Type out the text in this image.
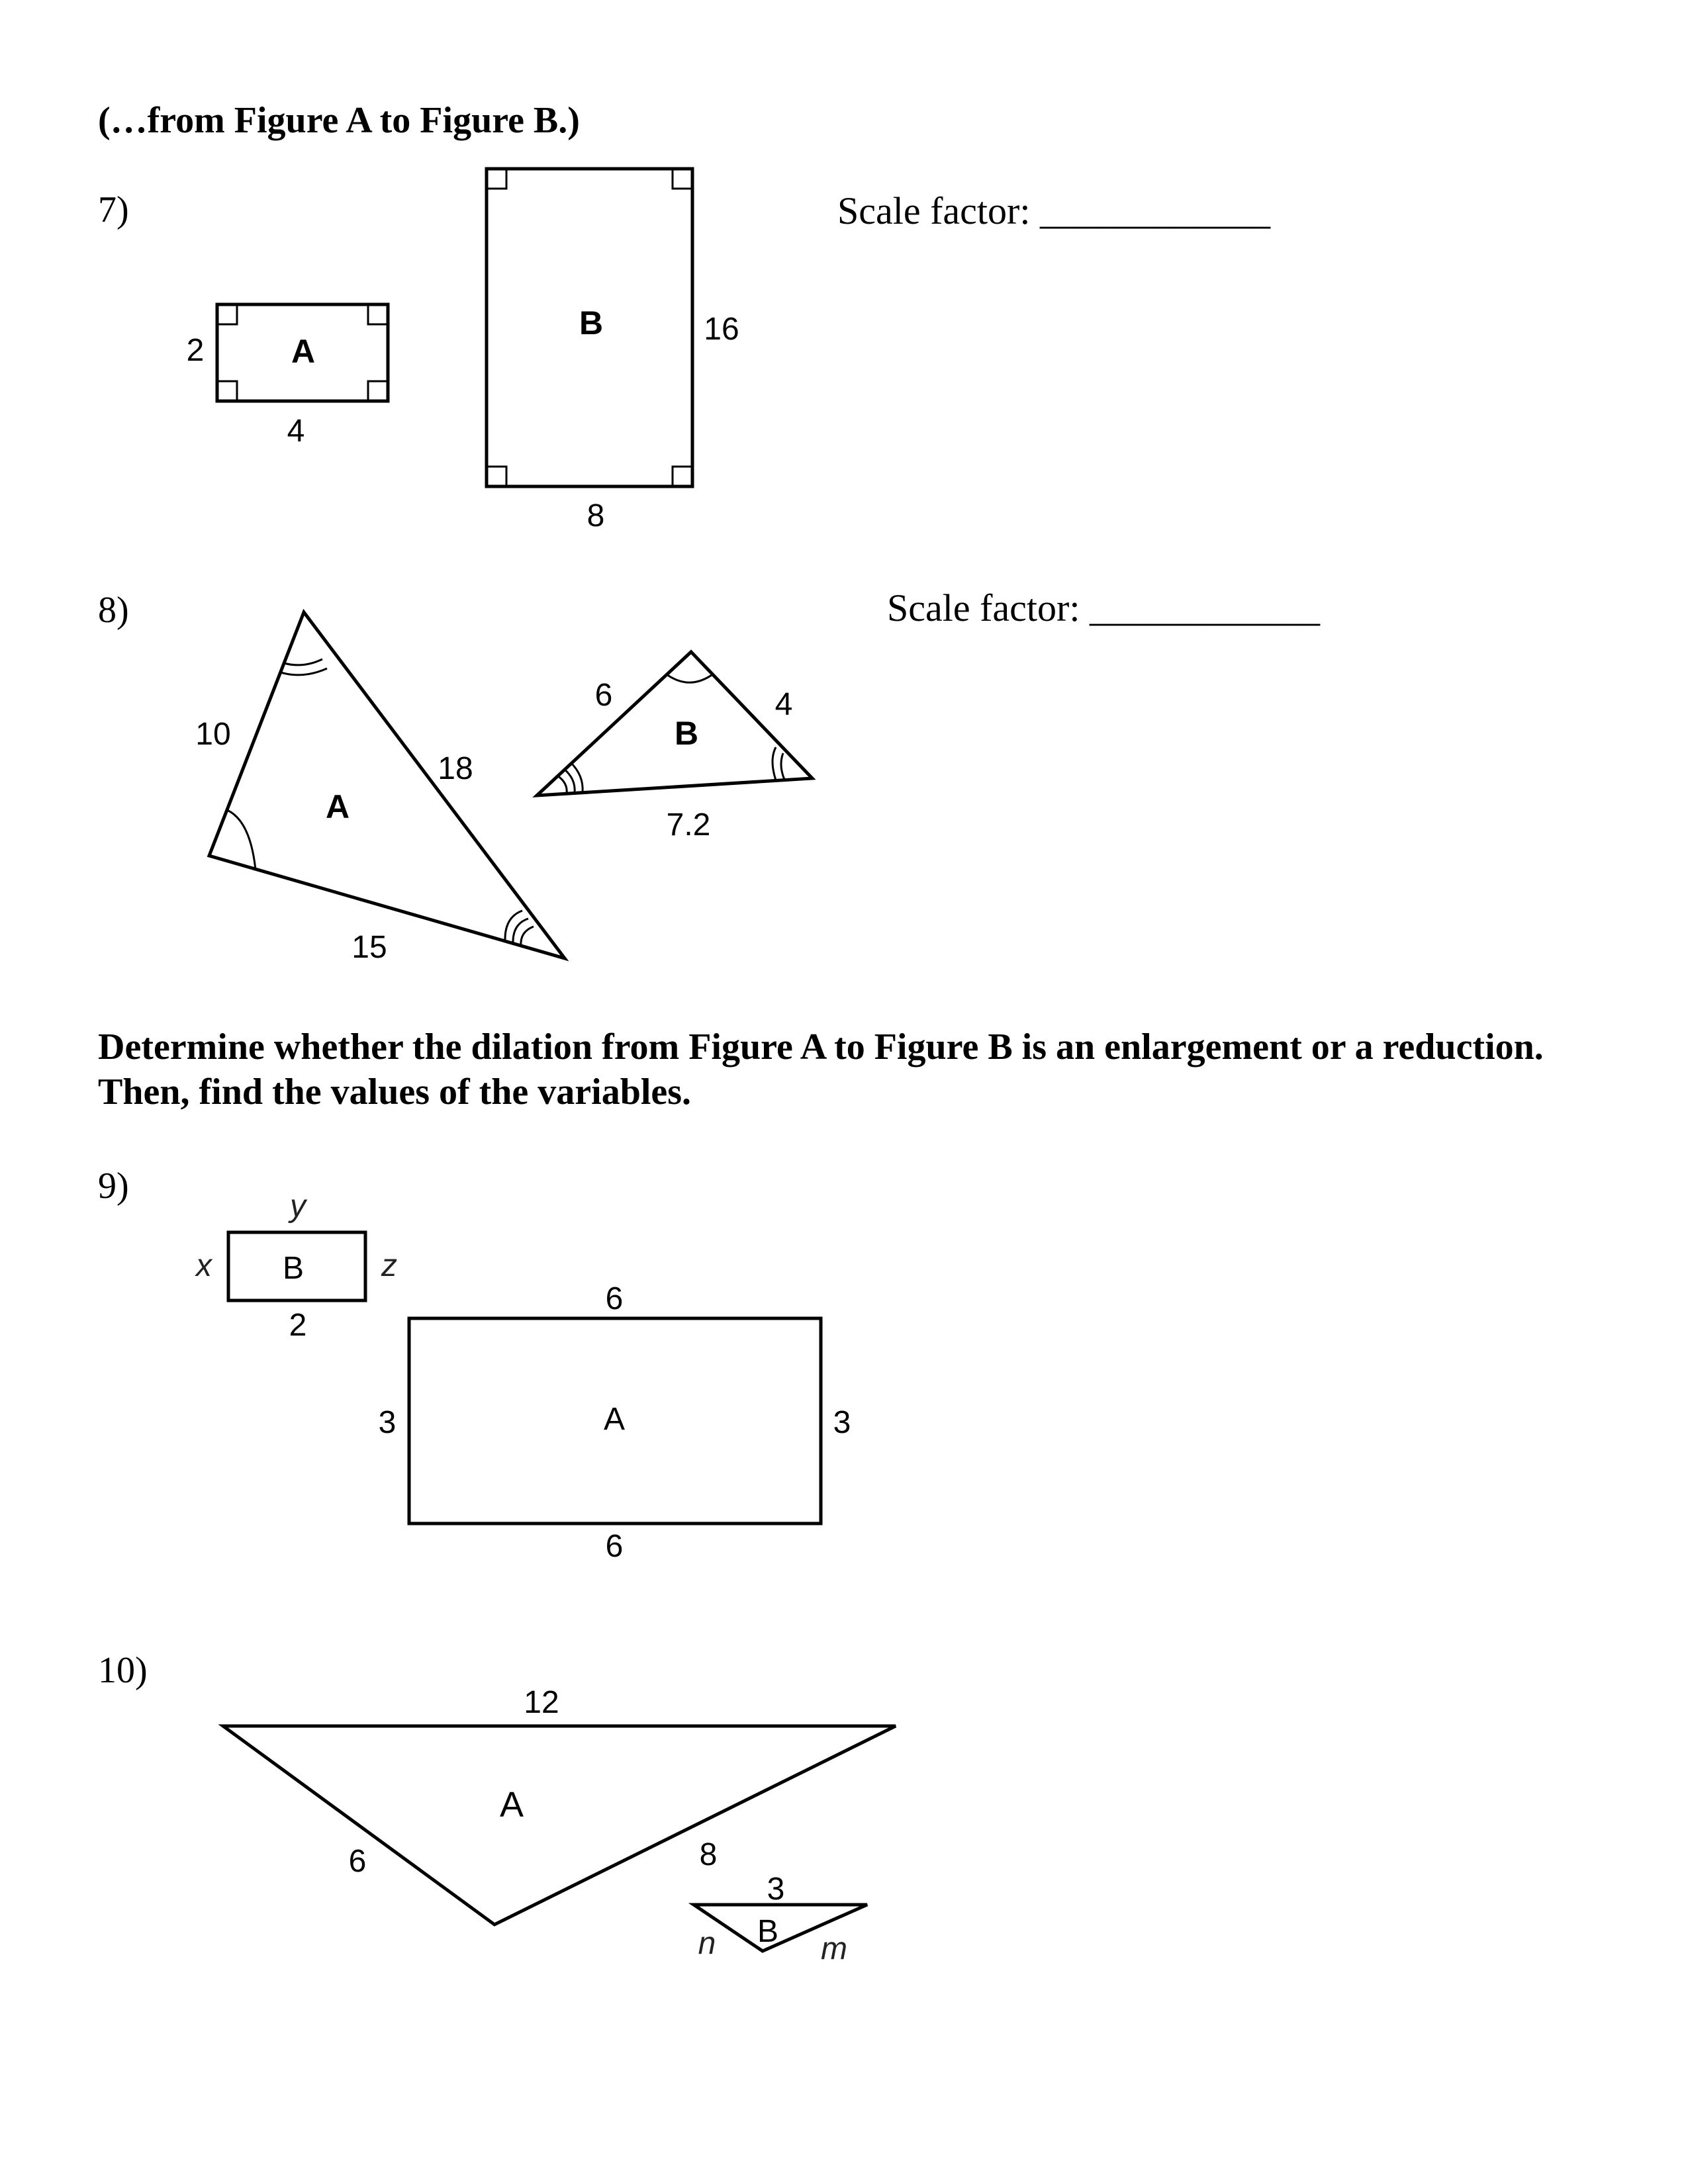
(…from Figure A to Figure B.)
7)
8)
9)
10)
Scale factor: ____________
Scale factor: ____________
Determine whether the dilation from Figure A to Figure B is an enlargement or a reduction. Then, find the values of the variables.
A
2
4
B	16
8
A
10
18
15
B
6	4
7.2
B
y
x	z
2
A
6
3	3
6
12
A
6	8
3
B
n	m
